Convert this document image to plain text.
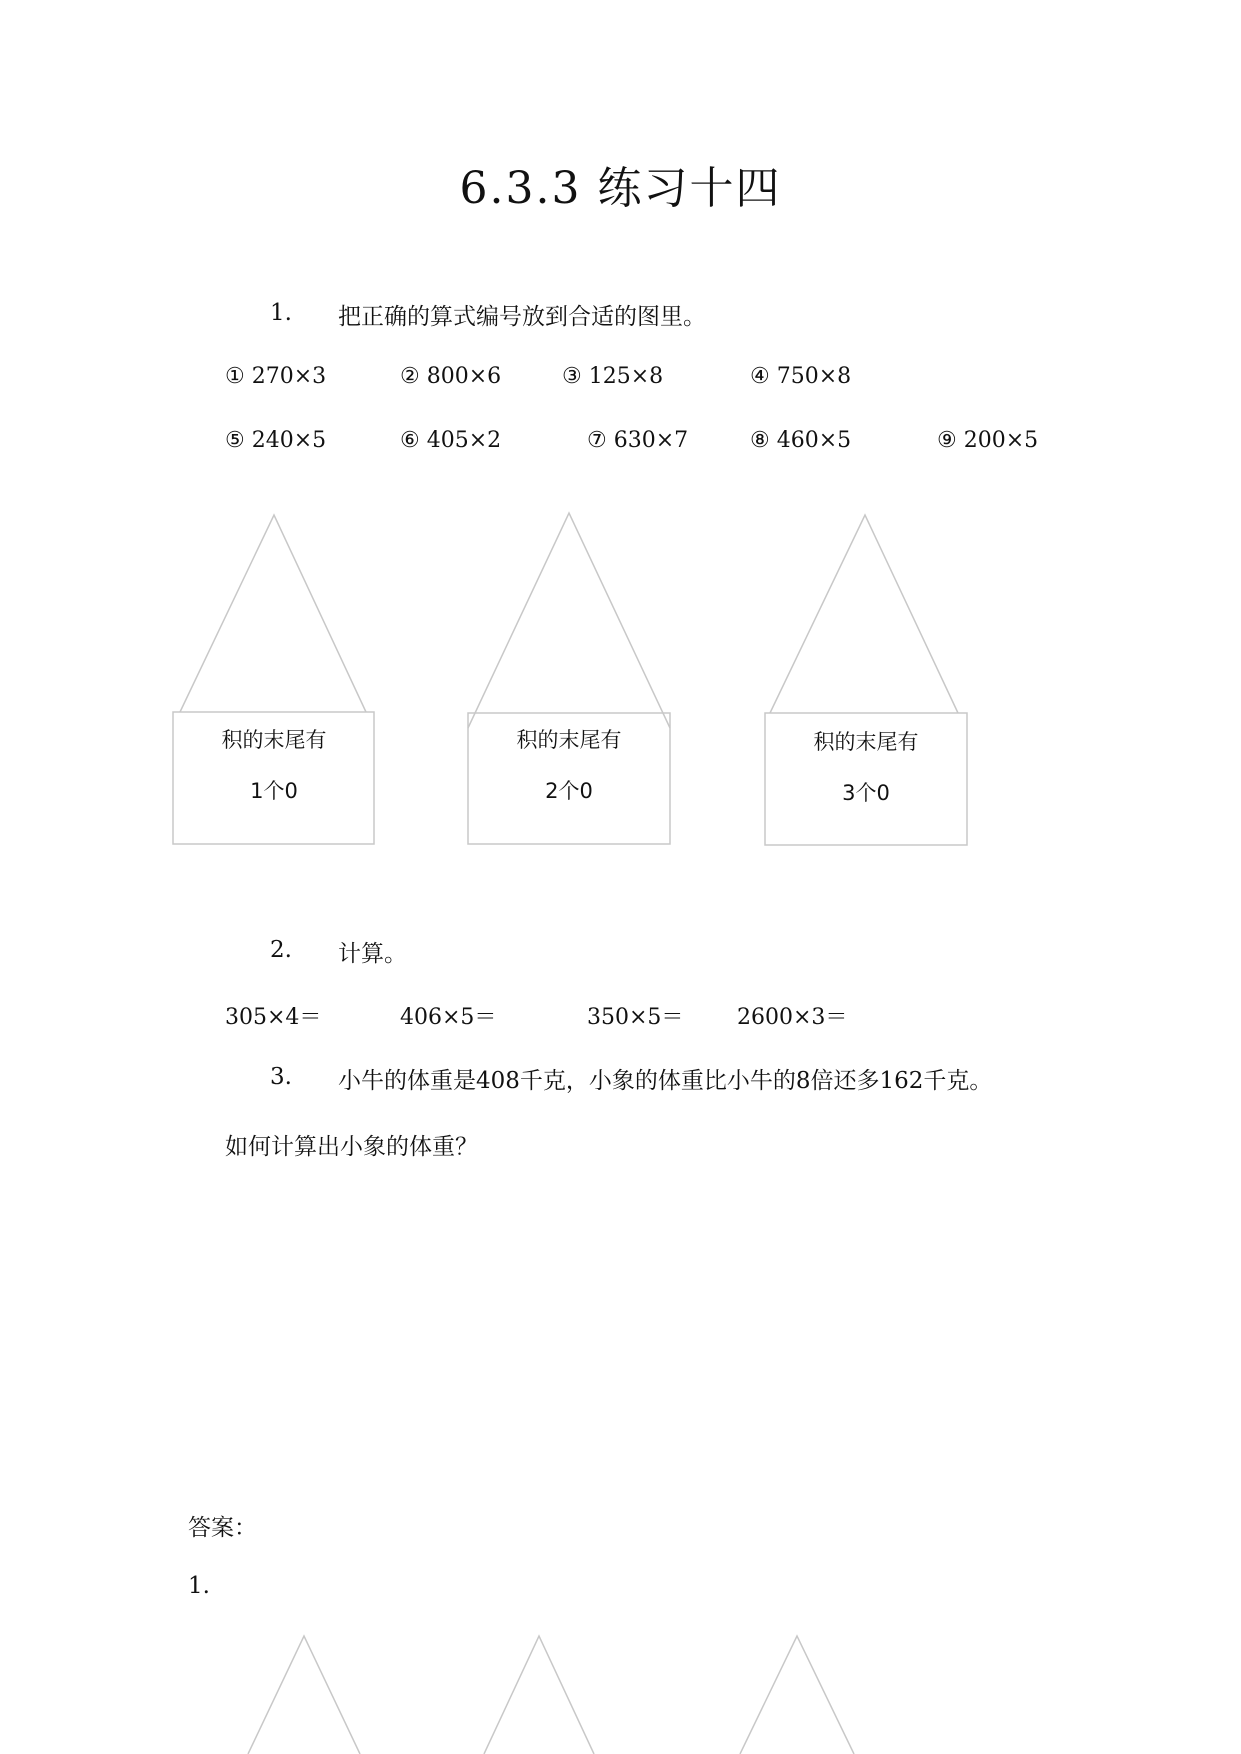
6.3.3 练习十四
1. 把正确的算式编号放到合适的图里。
① 270×3	② 800×6	③ 125×8	④ 750×8
⑤ 240×5	⑥ 405×2	⑦ 630×7	⑧ 460×5	⑨ 200×5
积的末尾有
1个0
积的末尾有
2个0
积的末尾有
3个0
2. 计算。
305×4＝	406×5＝	350×5＝ 2600×3＝
3. 小牛的体重是408千克，小象的体重比小牛的8倍还多162千克。
如何计算出小象的体重？
答案：
1.
